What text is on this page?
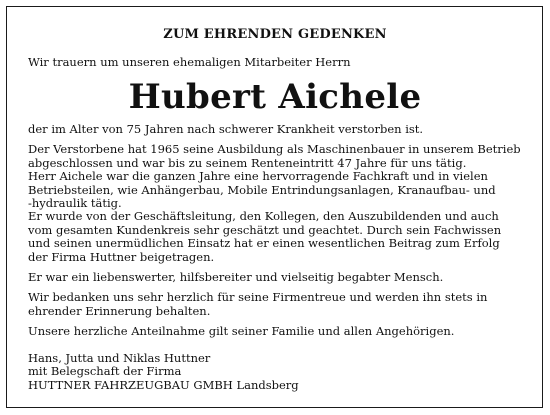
ZUM EHRENDEN GEDENKEN
Wir trauern um unseren ehemaligen Mitarbeiter Herrn
Hubert Aichele
der im Alter von 75 Jahren nach schwerer Krankheit verstorben ist.
Der Verstorbene hat 1965 seine Ausbildung als Maschinenbauer in unserem Betrieb
abgeschlossen und war bis zu seinem Renteneintritt 47 Jahre für uns tätig.
Herr Aichele war die ganzen Jahre eine hervorragende Fachkraft und in vielen
Betriebsteilen, wie Anhängerbau, Mobile Entrindungsanlagen, Kranaufbau- und
-hydraulik tätig.
Er wurde von der Geschäftsleitung, den Kollegen, den Auszubildenden und auch
vom gesamten Kundenkreis sehr geschätzt und geachtet. Durch sein Fachwissen
und seinen unermüdlichen Einsatz hat er einen wesentlichen Beitrag zum Erfolg
der Firma Huttner beigetragen.
Er war ein liebenswerter, hilfsbereiter und vielseitig begabter Mensch.
Wir bedanken uns sehr herzlich für seine Firmentreue und werden ihn stets in
ehrender Erinnerung behalten.
Unsere herzliche Anteilnahme gilt seiner Familie und allen Angehörigen.
Hans, Jutta und Niklas Huttner
mit Belegschaft der Firma
HUTTNER FAHRZEUGBAU GMBH Landsberg
